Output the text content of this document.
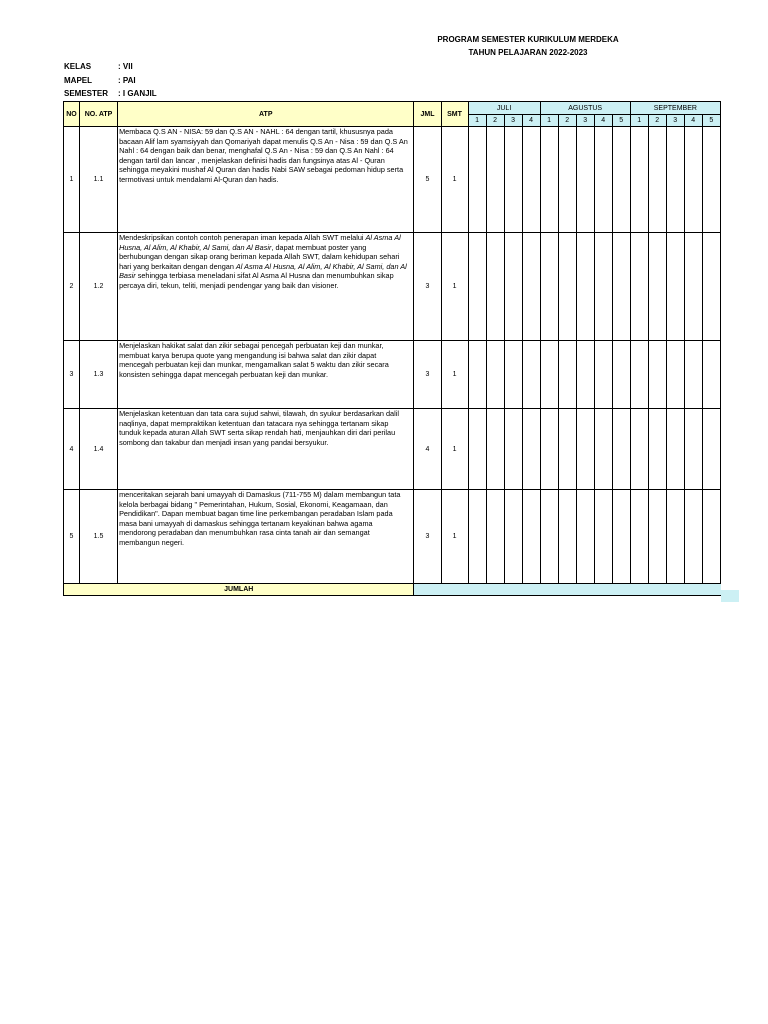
PROGRAM SEMESTER KURIKULUM MERDEKA
TAHUN PELAJARAN 2022-2023
KELAS	: VII
MAPEL	: PAI
SEMESTER : I GANJIL
NO	NO. ATP	ATP	JML	SMT	JULI				AGUSTUS					SEPTEMBER				
					1	2	3	4	1	2	3	4	5	1	2	3	4	5
1	1.1	Membaca Q.S AN - NISA: 59 dan Q.S AN - NAHL : 64 dengan tartil, khususnya pada bacaan Alif lam syamsiyyah dan Qomariyah dapat menulis Q.S An - Nisa : 59 dan Q.S An Nahl : 64 dengan baik dan benar, menghafal Q.S An - Nisa : 59 dan Q.S An Nahl : 64 dengan tartil dan lancar , menjelaskan definisi hadis dan fungsinya atas Al - Quran sehingga meyakini mushaf Al Quran dan hadis Nabi SAW sebagai pedoman hidup serta termotivasi untuk mendalami Al-Quran dan hadis.	5	1														
2	1.2	Mendeskripsikan contoh contoh penerapan iman kepada Allah SWT melalui Al Asma Al Husna, Al Alim, Al Khabir, Al Sami, dan Al Basir, dapat membuat poster yang berhubungan dengan sikap orang beriman kepada Allah SWT, dalam kehidupan sehari hari yang berkaitan dengan dengan Al Asma Al Husna, Al Alim, Al Khabir, Al Sami, dan Al Basir sehingga terbiasa meneladani sifat Al Asma Al Husna dan menumbuhkan sikap percaya diri, tekun, teliti, menjadi pendengar yang baik dan visioner.	3	1														
3	1.3	Menjelaskan hakikat salat dan zikir sebagai pencegah perbuatan keji dan munkar, membuat karya berupa quote yang mengandung isi bahwa salat dan zikir dapat mencegah perbuatan keji dan munkar, mengamalkan salat 5 waktu dan zikir secara konsisten sehingga dapat mencegah perbuatan keji dan munkar.	3	1														
4	1.4	Menjelaskan ketentuan dan tata cara sujud sahwi, tilawah, dn syukur berdasarkan dalil naqlinya, dapat mempraktikan ketentuan dan tatacara nya sehingga tertanam sikap tunduk kepada aturan Allah SWT serta sikap rendah hati, menjauhkan diri dari perilau sombong dan takabur dan menjadi insan yang pandai bersyukur.	4	1														
5	1.5	menceritakan sejarah bani umayyah di Damaskus (711-755 M) dalam membangun tata kelola berbagai bidang " Pemerintahan, Hukum, Sosial, Ekonomi, Keagamaan, dan Pendidikan". Dapan membuat bagan time line perkembangan peradaban Islam pada masa bani umayyah di damaskus sehingga tertanam keyakinan bahwa agama mendorong peradaban dan menumbuhkan rasa cinta tanah air dan semangat membangun negeri.	3	1														
JUMLAH																		
